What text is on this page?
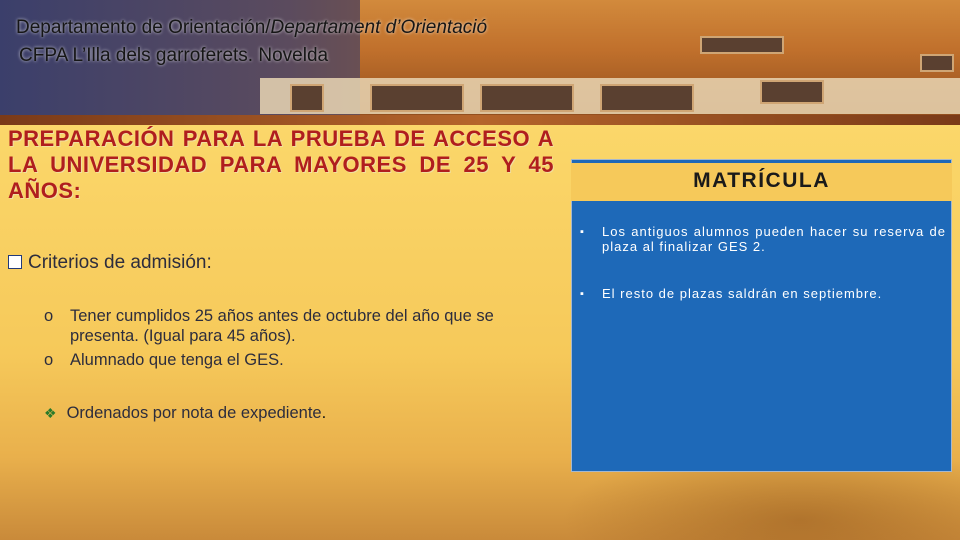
Departamento de Orientación/Departament d’Orientació
CFPA L’Illa dels garroferets. Novelda
PREPARACIÓN PARA LA PRUEBA DE ACCESO A LA UNIVERSIDAD PARA MAYORES DE 25 Y 45 AÑOS:
Criterios de admisión:
o Tener cumplidos 25 años antes de octubre del año que se presenta. (Igual para 45 años).
o Alumnado que tenga el GES.
❖ Ordenados por nota de expediente.
MATRÍCULA
▪ Los antiguos alumnos pueden hacer su reserva de plaza al finalizar GES 2.
▪ El resto de plazas saldrán en septiembre.
